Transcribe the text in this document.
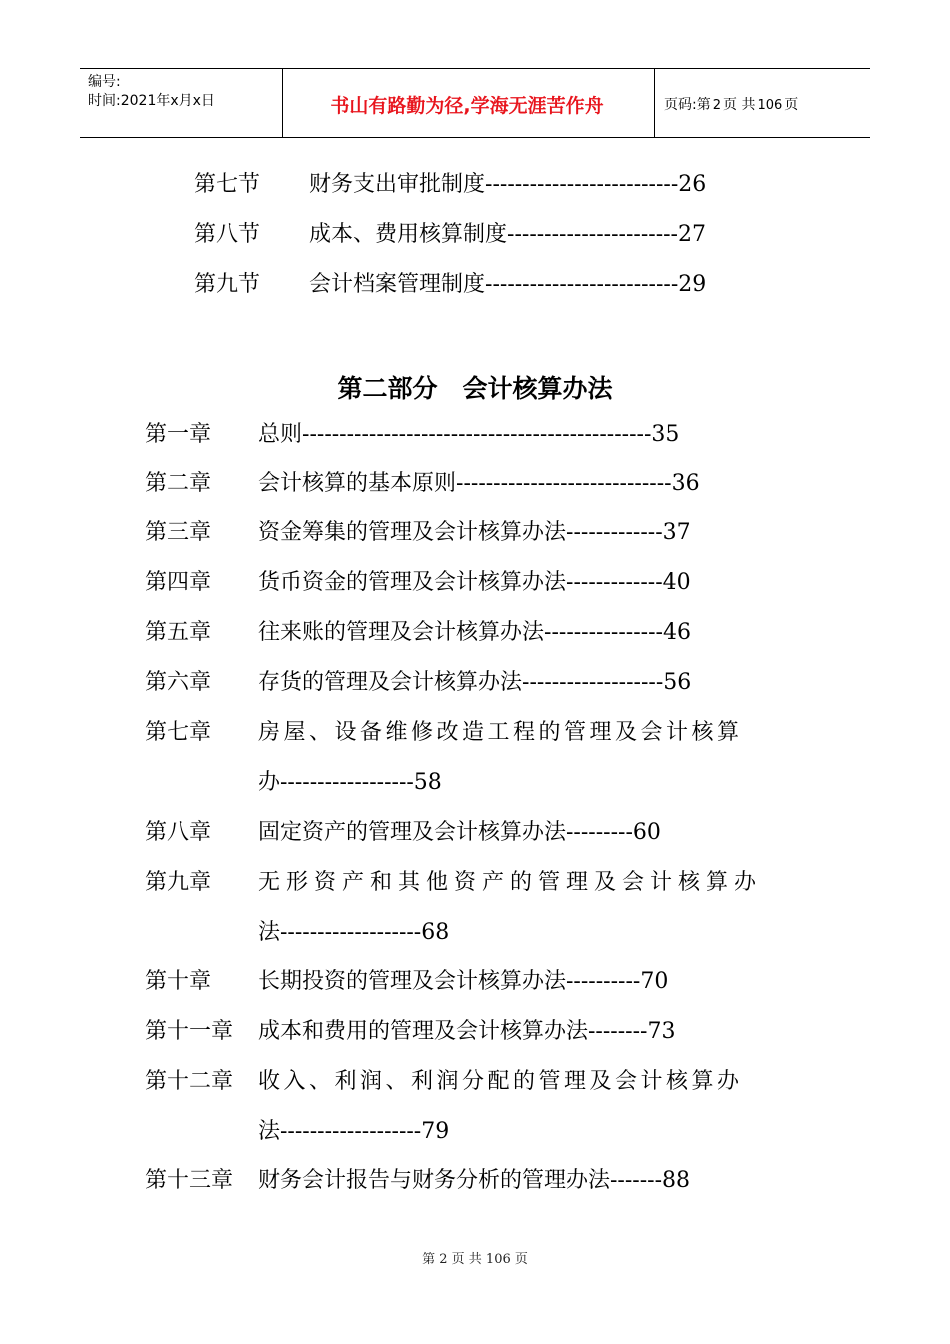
编号:
时间:2021年x月x日	书山有路勤为径,学海无涯苦作舟	页码:第 2 页 共 106 页
第七节 财务支出审批制度--------------------------26
第八节 成本、费用核算制度-----------------------27
第九节 会计档案管理制度--------------------------29
第二部分　会计核算办法
第一章 总则-----------------------------------------------35
第二章 会计核算的基本原则-----------------------------36
第三章 资金筹集的管理及会计核算办法-------------37
第四章 货币资金的管理及会计核算办法-------------40
第五章 往来账的管理及会计核算办法----------------46
第六章 存货的管理及会计核算办法-------------------56
第七章 房屋、设备维修改造工程的管理及会计核算
办------------------58
第八章 固定资产的管理及会计核算办法---------60
第九章 无形资产和其他资产的管理及会计核算办
法-------------------68
第十章 长期投资的管理及会计核算办法----------70
第十一章 成本和费用的管理及会计核算办法--------73
第十二章 收入、利润、利润分配的管理及会计核算办
法-------------------79
第十三章 财务会计报告与财务分析的管理办法-------88
第 2 页 共 106 页
